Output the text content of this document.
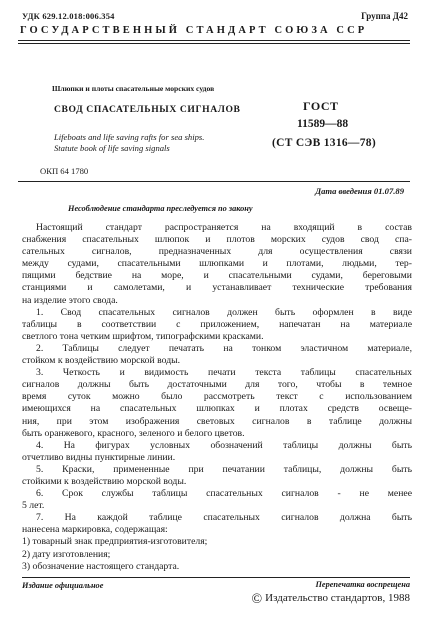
УДК 629.12.018:006.354	Группа Д42
ГОСУДАРСТВЕННЫЙ СТАНДАРТ СОЮЗА ССР
Шлюпки и плоты спасательные морских судов
СВОД СПАСАТЕЛЬНЫХ СИГНАЛОВ
Lifeboats and life saving rafts for sea ships.
Statute book of life saving signals
ГОСТ
11589—88
(СТ СЭВ 1316—78)
ОКП 64 1780
Дата введения 01.07.89
Несоблюдение стандарта преследуется по закону
Настоящий стандарт распространяется на входящий в состав
снабжения спасательных шлюпок и плотов морских судов свод спа-
сательных сигналов, предназначенных для осуществления связи
между судами, спасательными шлюпками и плотами, людьми, тер-
пящими бедствие на море, и спасательными судами, береговыми
станциями и самолетами, и устанавливает технические требования
на изделие этого свода.
1. Свод спасательных сигналов должен быть оформлен в виде
таблицы в соответствии с приложением, напечатан на материале
светлого тона четким шрифтом, типографскими красками.
2. Таблицы следует печатать на тонком эластичном материале,
стойком к воздействию морской воды.
3. Четкость и видимость печати текста таблицы спасательных
сигналов должны быть достаточными для того, чтобы в темное
время суток можно было рассмотреть текст с использованием
имеющихся на спасательных шлюпках и плотах средств освеще-
ния, при этом изображения световых сигналов в таблице должны
быть оранжевого, красного, зеленого и белого цветов.
4. На фигурах условных обозначений таблицы должны быть
отчетливо видны пунктирные линии.
5. Краски, примененные при печатании таблицы, должны быть
стойкими к воздействию морской воды.
6. Срок службы таблицы спасательных сигналов - не менее
5 лет.
7. На каждой таблице спасательных сигналов должна быть
нанесена маркировка, содержащая:
1) товарный знак предприятия-изготовителя;
2) дату изготовления;
3) обозначение настоящего стандарта.
Издание официальное	Перепечатка воспрещена
© Издательство стандартов, 1988
